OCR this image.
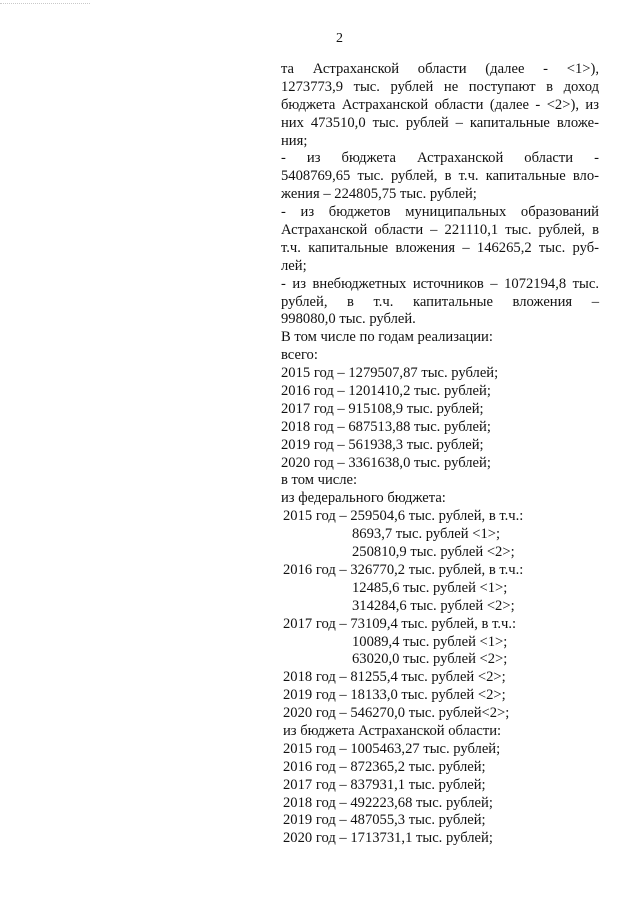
2
та Астраханской области (далее - <1>),
1273773,9 тыс. рублей не поступают в доход
бюджета Астраханской области (далее - <2>), из
них 473510,0 тыс. рублей – капитальные вложе-
ния;
- из бюджета Астраханской области -
5408769,65 тыс. рублей, в т.ч. капитальные вло-
жения – 224805,75 тыс. рублей;
- из бюджетов муниципальных образований
Астраханской области – 221110,1 тыс. рублей, в
т.ч. капитальные вложения – 146265,2 тыс. руб-
лей;
- из внебюджетных источников – 1072194,8 тыс.
рублей, в т.ч. капитальные вложения –
998080,0 тыс. рублей.
В том числе по годам реализации:
всего:
2015 год – 1279507,87 тыс. рублей;
2016 год – 1201410,2 тыс. рублей;
2017 год – 915108,9 тыс. рублей;
2018 год – 687513,88 тыс. рублей;
2019 год – 561938,3 тыс. рублей;
2020 год – 3361638,0 тыс. рублей;
в том числе:
из федерального бюджета:
2015 год – 259504,6 тыс. рублей, в т.ч.:
8693,7 тыс. рублей <1>;
250810,9 тыс. рублей <2>;
2016 год – 326770,2 тыс. рублей, в т.ч.:
12485,6 тыс. рублей <1>;
314284,6 тыс. рублей <2>;
2017 год – 73109,4 тыс. рублей, в т.ч.:
10089,4 тыс. рублей <1>;
63020,0 тыс. рублей <2>;
2018 год – 81255,4 тыс. рублей <2>;
2019 год – 18133,0 тыс. рублей <2>;
2020 год – 546270,0 тыс. рублей<2>;
из бюджета Астраханской области:
2015 год – 1005463,27 тыс. рублей;
2016 год – 872365,2 тыс. рублей;
2017 год – 837931,1 тыс. рублей;
2018 год – 492223,68 тыс. рублей;
2019 год – 487055,3 тыс. рублей;
2020 год – 1713731,1 тыс. рублей;
